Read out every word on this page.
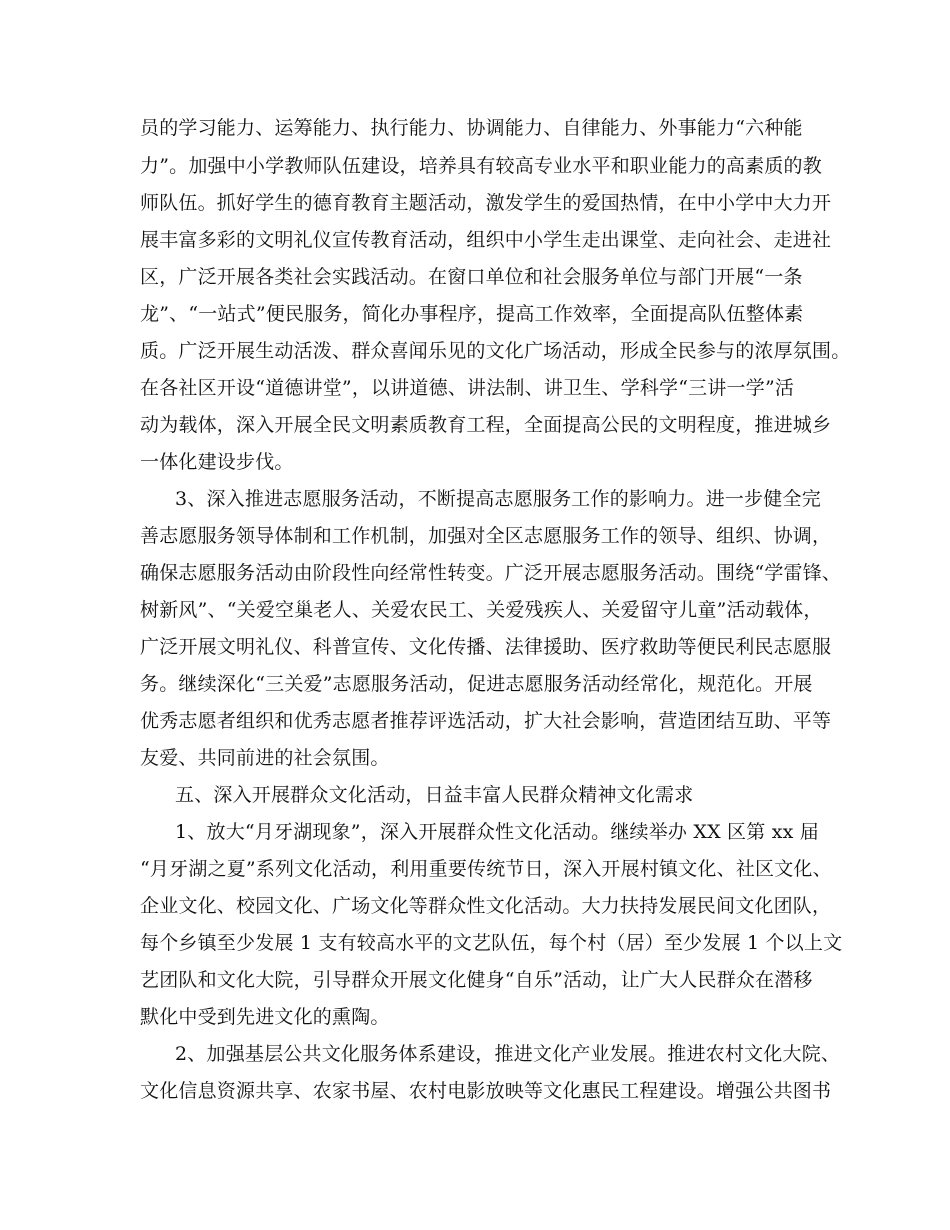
员的学习能力、运筹能力、执行能力、协调能力、自律能力、外事能力“六种能
力”。加强中小学教师队伍建设，培养具有较高专业水平和职业能力的高素质的教
师队伍。抓好学生的德育教育主题活动，激发学生的爱国热情，在中小学中大力开
展丰富多彩的文明礼仪宣传教育活动，组织中小学生走出课堂、走向社会、走进社
区，广泛开展各类社会实践活动。在窗口单位和社会服务单位与部门开展“一条
龙”、“一站式”便民服务，简化办事程序，提高工作效率，全面提高队伍整体素
质。广泛开展生动活泼、群众喜闻乐见的文化广场活动，形成全民参与的浓厚氛围。
在各社区开设“道德讲堂”，以讲道德、讲法制、讲卫生、学科学“三讲一学”活
动为载体，深入开展全民文明素质教育工程，全面提高公民的文明程度，推进城乡
一体化建设步伐。
3、深入推进志愿服务活动，不断提高志愿服务工作的影响力。进一步健全完
善志愿服务领导体制和工作机制，加强对全区志愿服务工作的领导、组织、协调，
确保志愿服务活动由阶段性向经常性转变。广泛开展志愿服务活动。围绕“学雷锋、
树新风”、“关爱空巢老人、关爱农民工、关爱残疾人、关爱留守儿童”活动载体，
广泛开展文明礼仪、科普宣传、文化传播、法律援助、医疗救助等便民利民志愿服
务。继续深化“三关爱”志愿服务活动，促进志愿服务活动经常化，规范化。开展
优秀志愿者组织和优秀志愿者推荐评选活动，扩大社会影响，营造团结互助、平等
友爱、共同前进的社会氛围。
五、深入开展群众文化活动，日益丰富人民群众精神文化需求
1、放大“月牙湖现象”，深入开展群众性文化活动。继续举办 XX 区第 xx 届
“月牙湖之夏”系列文化活动，利用重要传统节日，深入开展村镇文化、社区文化、
企业文化、校园文化、广场文化等群众性文化活动。大力扶持发展民间文化团队，
每个乡镇至少发展 1 支有较高水平的文艺队伍，每个村（居）至少发展 1 个以上文
艺团队和文化大院，引导群众开展文化健身“自乐”活动，让广大人民群众在潜移
默化中受到先进文化的熏陶。
2、加强基层公共文化服务体系建设，推进文化产业发展。推进农村文化大院、
文化信息资源共享、农家书屋、农村电影放映等文化惠民工程建设。增强公共图书
